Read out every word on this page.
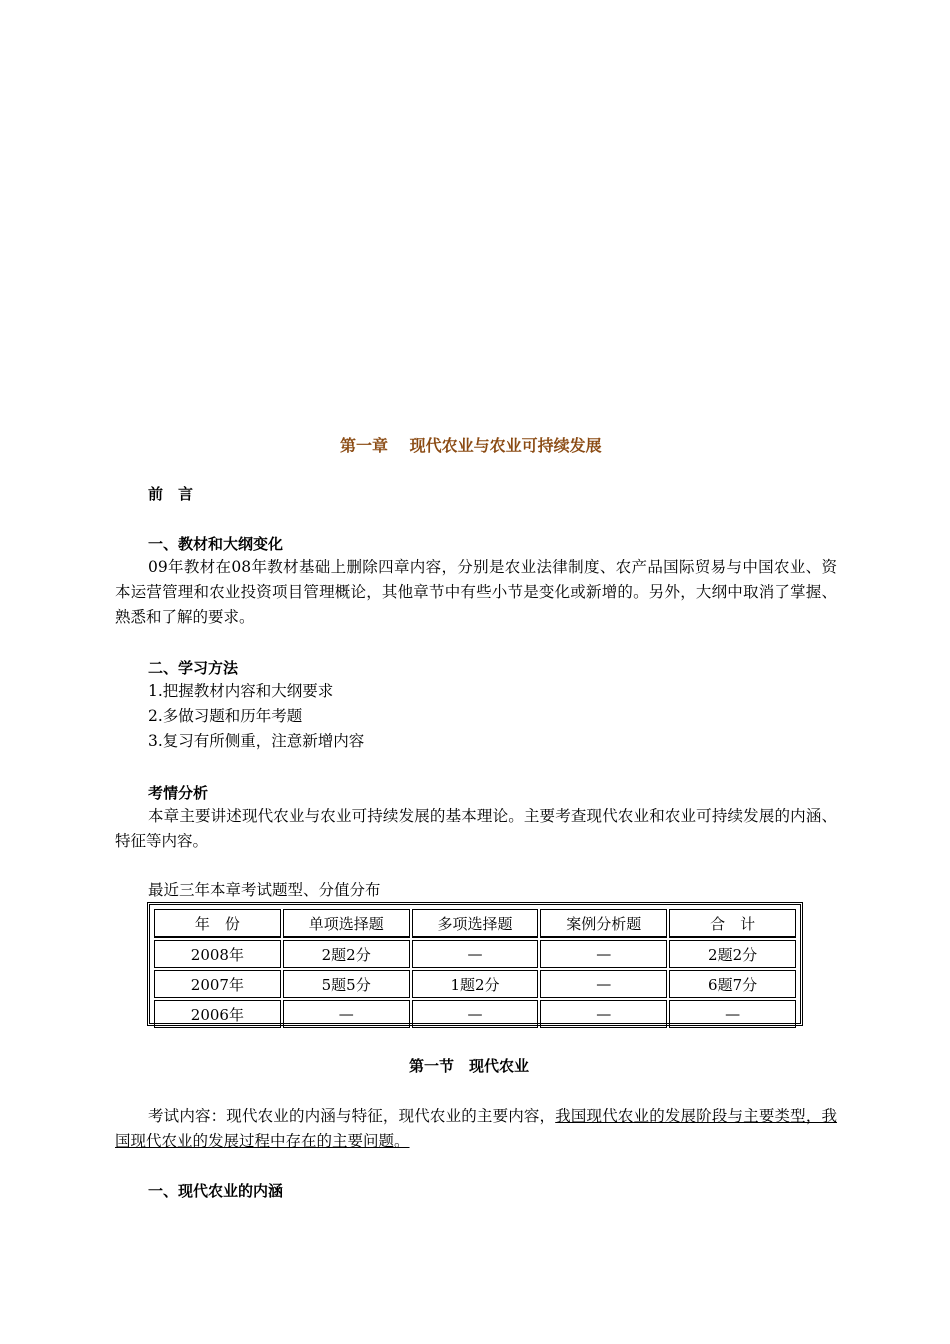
第一章　 现代农业与农业可持续发展
前　言
一、教材和大纲变化
09年教材在08年教材基础上删除四章内容，分别是农业法律制度、农产品国际贸易与中国农业、资本运营管理和农业投资项目管理概论，其他章节中有些小节是变化或新增的。另外，大纲中取消了掌握、熟悉和了解的要求。
二、学习方法
1.把握教材内容和大纲要求
2.多做习题和历年考题
3.复习有所侧重，注意新增内容
考情分析
本章主要讲述现代农业与农业可持续发展的基本理论。主要考查现代农业和农业可持续发展的内涵、特征等内容。
最近三年本章考试题型、分值分布
年　份	单项选择题	多项选择题	案例分析题	合　计
2008年	2题2分	—	—	2题2分
2007年	5题5分	1题2分	—	6题7分
2006年	—	—	—	—
第一节　现代农业
考试内容：现代农业的内涵与特征，现代农业的主要内容，我国现代农业的发展阶段与主要类型，我国现代农业的发展过程中存在的主要问题。
一、现代农业的内涵
